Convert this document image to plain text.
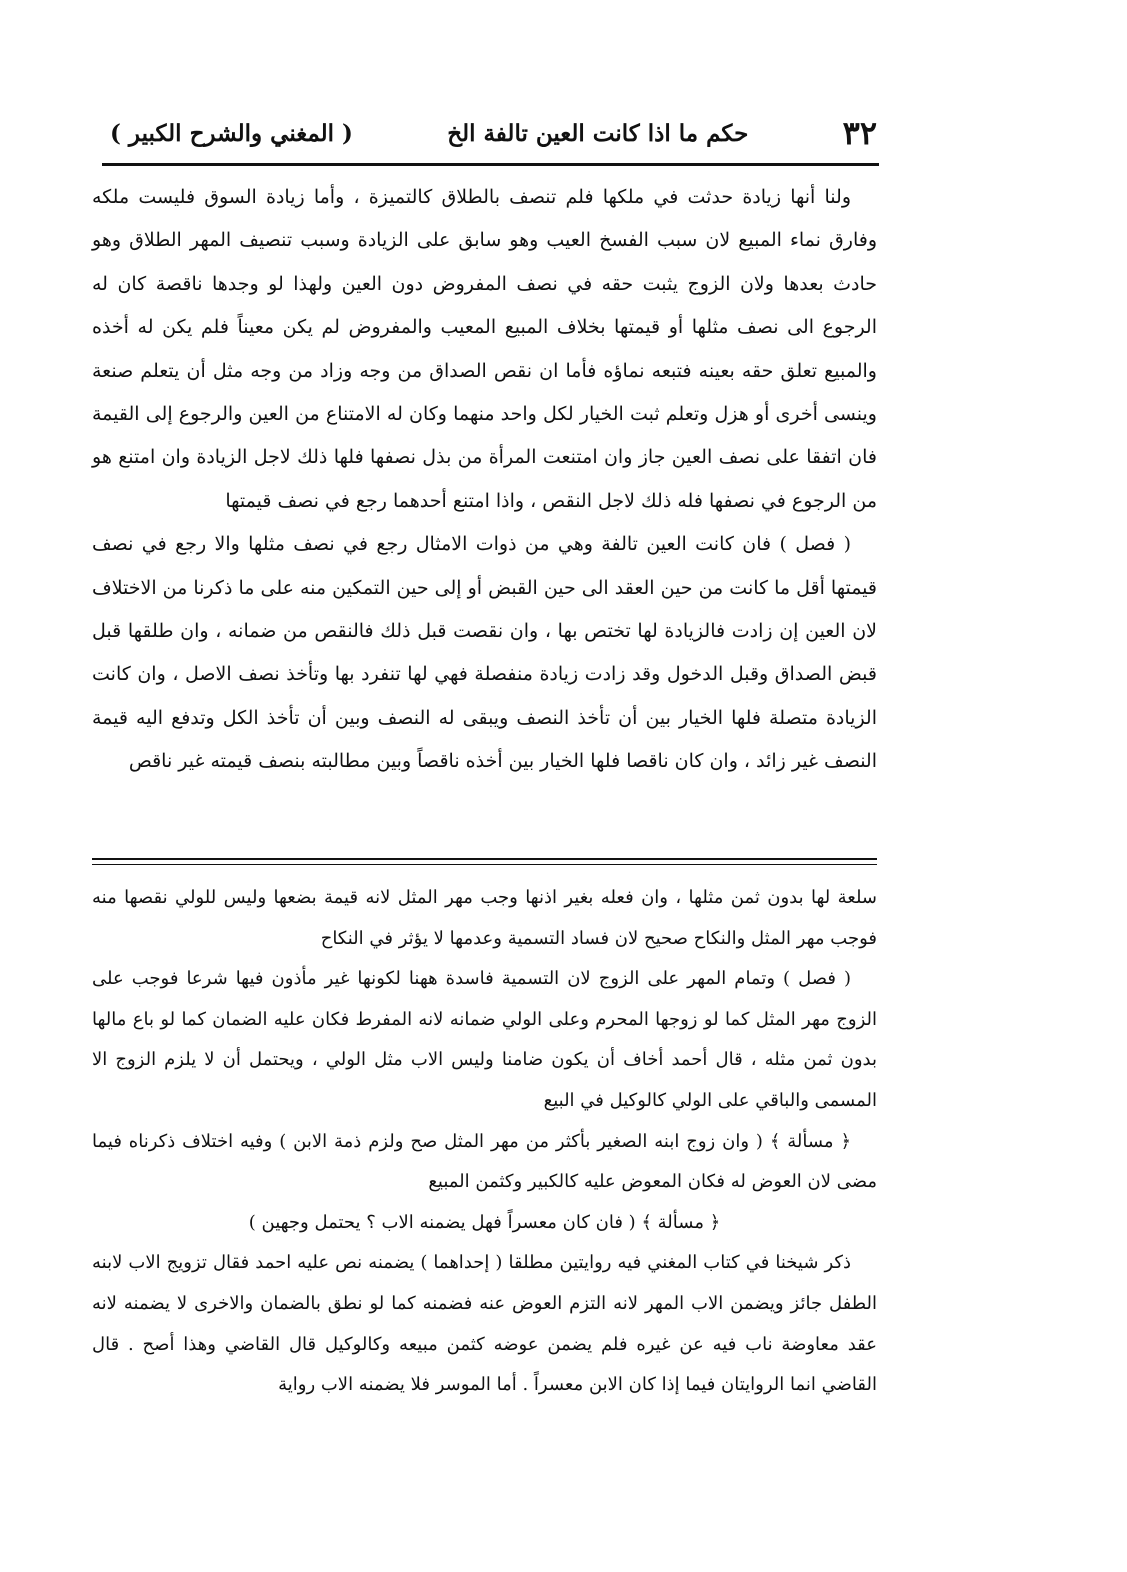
٣٢
حكم ما اذا كانت العين تالفة الخ
( المغني والشرح الكبير )

ولنا أنها زيادة حدثت في ملكها فلم تنصف بالطلاق كالتميزة ، وأما زيادة السوق فليست ملكه وفارق نماء المبيع لان سبب الفسخ العيب وهو سابق على الزيادة وسبب تنصيف المهر الطلاق وهو حادث بعدها ولان الزوج يثبت حقه في نصف المفروض دون العين ولهذا لو وجدها ناقصة كان له الرجوع الى نصف مثلها أو قيمتها بخلاف المبيع المعيب والمفروض لم يكن معيناً فلم يكن له أخذه والمبيع تعلق حقه بعينه فتبعه نماؤه فأما ان نقص الصداق من وجه وزاد من وجه مثل أن يتعلم صنعة وينسى أخرى أو هزل وتعلم ثبت الخيار لكل واحد منهما وكان له الامتناع من العين والرجوع إلى القيمة فان اتفقا على نصف العين جاز وان امتنعت المرأة من بذل نصفها فلها ذلك لاجل الزيادة وان امتنع هو من الرجوع في نصفها فله ذلك لاجل النقص ، واذا امتنع أحدهما رجع في نصف قيمتها

( فصل ) فان كانت العين تالفة وهي من ذوات الامثال رجع في نصف مثلها والا رجع في نصف قيمتها أقل ما كانت من حين العقد الى حين القبض أو إلى حين التمكين منه على ما ذكرنا من الاختلاف لان العين إن زادت فالزيادة لها تختص بها ، وان نقصت قبل ذلك فالنقص من ضمانه ، وان طلقها قبل قبض الصداق وقبل الدخول وقد زادت زيادة منفصلة فهي لها تنفرد بها وتأخذ نصف الاصل ، وان كانت الزيادة متصلة فلها الخيار بين أن تأخذ النصف ويبقى له النصف وبين أن تأخذ الكل وتدفع اليه قيمة النصف غير زائد ، وان كان ناقصا فلها الخيار بين أخذه ناقصاً وبين مطالبته بنصف قيمته غير ناقص

سلعة لها بدون ثمن مثلها ، وان فعله بغير اذنها وجب مهر المثل لانه قيمة بضعها وليس للولي نقصها منه فوجب مهر المثل والنكاح صحيح لان فساد التسمية وعدمها لا يؤثر في النكاح

( فصل ) وتمام المهر على الزوج لان التسمية فاسدة ههنا لكونها غير مأذون فيها شرعا فوجب على الزوج مهر المثل كما لو زوجها المحرم وعلى الولي ضمانه لانه المفرط فكان عليه الضمان كما لو باع مالها بدون ثمن مثله ، قال أحمد أخاف أن يكون ضامنا وليس الاب مثل الولي ، ويحتمل أن لا يلزم الزوج الا المسمى والباقي على الولي كالوكيل في البيع

﴿ مسألة ﴾ ( وان زوج ابنه الصغير بأكثر من مهر المثل صح ولزم ذمة الابن ) وفيه اختلاف ذكرناه فيما مضى لان العوض له فكان المعوض عليه كالكبير وكثمن المبيع

﴿ مسألة ﴾ ( فان كان معسراً فهل يضمنه الاب ؟ يحتمل وجهين )

ذكر شيخنا في كتاب المغني فيه روايتين مطلقا ( إحداهما ) يضمنه نص عليه احمد فقال تزويج الاب لابنه الطفل جائز ويضمن الاب المهر لانه التزم العوض عنه فضمنه كما لو نطق بالضمان والاخرى لا يضمنه لانه عقد معاوضة ناب فيه عن غيره فلم يضمن عوضه كثمن مبيعه وكالوكيل قال القاضي وهذا أصح . قال القاضي انما الروايتان فيما إذا كان الابن معسراً . أما الموسر فلا يضمنه الاب رواية
